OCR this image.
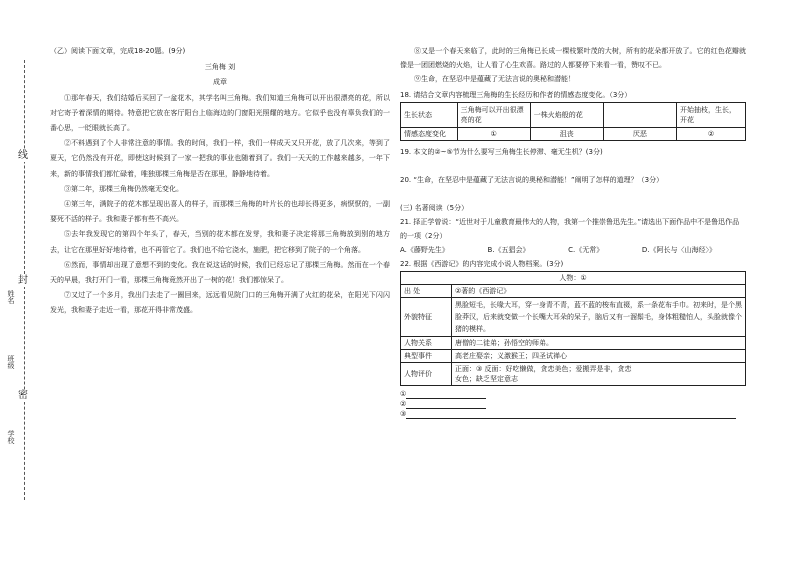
线
封
密
姓名
班级
学校

（乙）阅读下面文章，完成18-20题。(9分)

三角梅 刘

成章

①那年春天，我们结婚后买回了一盆花木，其学名叫三角梅。我们知道三角梅可以开出很漂亮的花，所以对它寄予着深情的期待。特意把它放在客厅阳台上临海边的门窗阳光照耀的地方。它似乎也没有辜负我们的一番心思，一眨眼就长高了。

②不料遇到了个人非常注意的事情。我的时间，我们一样，我们一样成天又只开花，放了几次来，等到了夏天，它仍然没有开花，即使这时候到了一家一把我的事业也随着到了。我们一天天的工作越来越多，一年下来，新的事情我们都忙碌着，唯独那棵三角梅是否在那里，静静地待着。

③第二年，那棵三角梅仍然毫无变化。

④第三年，满院子的花木都呈现出喜人的样子，而那棵三角梅的叶片长的也却长得更多，病恹恹的，一副要死不活的样子。我和妻子都有些不高兴。

⑤去年我发现它的第四个年头了，春天，当别的花木都在发芽，我和妻子决定将那三角梅放到别的地方去，让它在那里好好地待着，也不再管它了。我们也不给它浇水，施肥，把它移到了院子的一个角落。

⑥然而，事情却出现了意想不到的变化。我在说这话的时候，我们已经忘记了那棵三角梅。然而在一个春天的早晨，我打开门一看，那棵三角梅竟然开出了一树的花！我们都惊呆了。

⑦又过了一个多月，我出门去走了一圈回来，远远看见院门口的三角梅开满了火红的花朵，在阳光下闪闪发光，我和妻子走近一看，那花开得非常茂盛。

⑧又是一个春天来临了，此时的三角梅已长成一棵枝繁叶茂的大树，所有的花朵都开放了。它的红色花瓣就像是一团团燃烧的火焰，让人看了心生欢喜。路过的人都要停下来看一看，赞叹不已。

⑨生命，在坚忍中是蕴藏了无法言说的奥秘和潜能！

18. 请结合文章内容梳理三角梅的生长经历和作者的情感态度变化。（3分）

生长状态	三角梅可以开出很漂亮的花	一株火焰般的花		开始抽枝，生长，开花
情感态度变化	①	沮丧	厌恶	②

19. 本文的②~⑤节为什么要写三角梅生长停滞、毫无生机？(3分)

20. “生命，在坚忍中是蕴藏了无法言说的奥秘和潜能！”阐明了怎样的道理？（3分）

(三) 名著阅读（5分）

21. 择正学曾说：“近世对于儿童教育最伟大的人物，我第一个推崇鲁迅先生。”请选出下面作品中不是鲁迅作品的一项（2分）

A.《藤野先生》	B.《五猖会》	C.《无常》	D.《阿长与〈山海经〉》

22. 根据《西游记》的内容完成小说人物档案。(3分)

人物：①	
出 处	②著的《西游记》
外貌特征	黑脸短毛，长喙大耳，穿一身青不青，蓝不蓝的梭布直裰，系一条花布手巾。初来时，是个黑脸莽汉，后来就变做一个长嘴大耳朵的呆子，脑后又有一溜鬃毛，身体粗糙怕人，头脸就像个猪的模样。
人物关系	唐僧的二徒弟；孙悟空的师弟。
典型事件	高老庄娶亲；义激猴王；四圣试禅心
人物评价	正面：③ 反面：好吃懒做，贪恋美色；爱搬弄是非，贪恋
女色；缺乏坚定意志
①
②
③
